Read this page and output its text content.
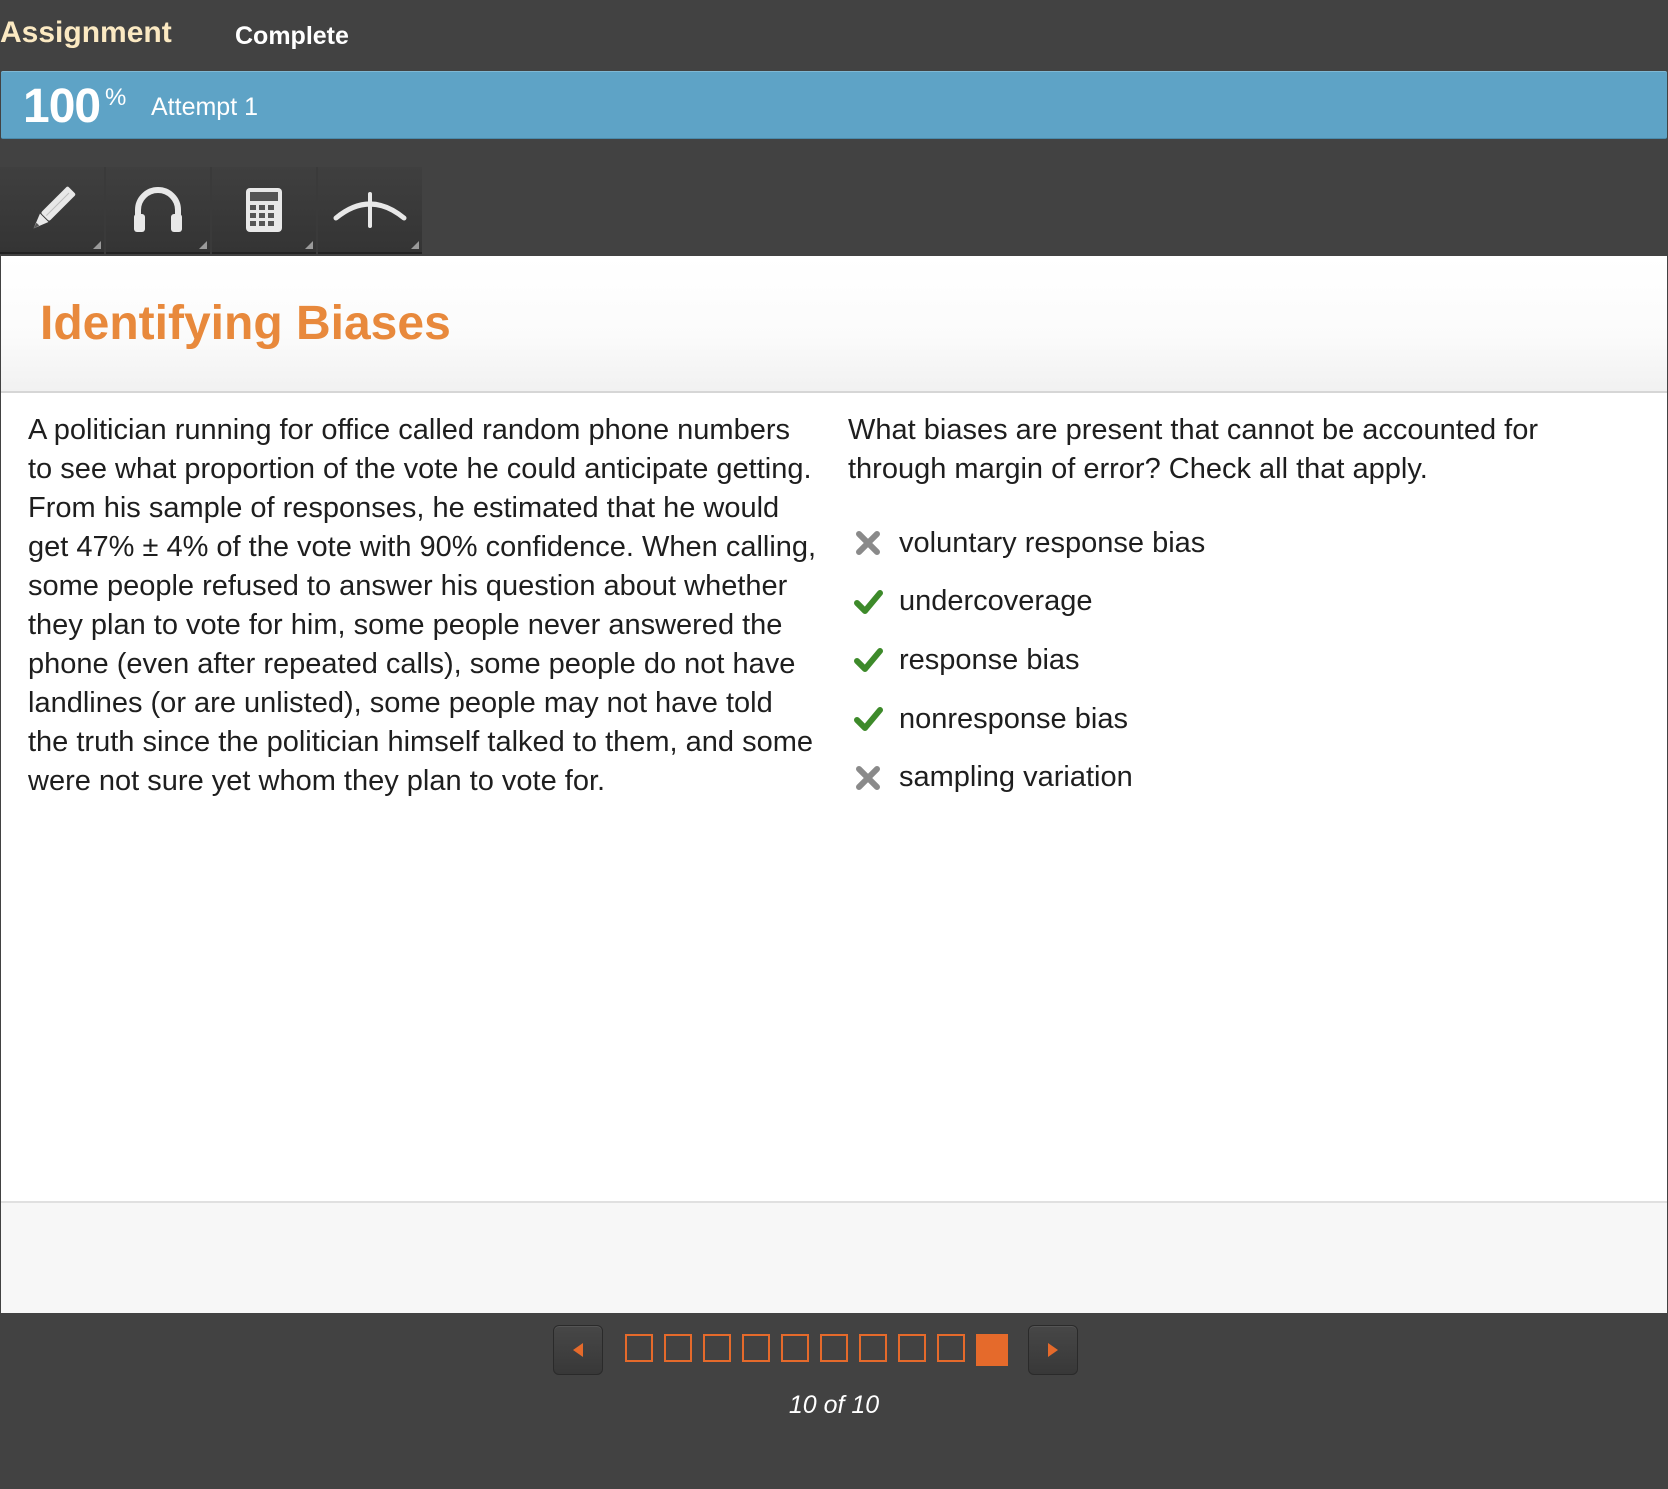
Assignment	Complete
100 % Attempt 1
Identifying Biases
A politician running for office called random phone numbers to see what proportion of the vote he could anticipate getting. From his sample of responses, he estimated that he would get 47% ± 4% of the vote with 90% confidence. When calling, some people refused to answer his question about whether they plan to vote for him, some people never answered the phone (even after repeated calls), some people do not have landlines (or are unlisted), some people may not have told the truth since the politician himself talked to them, and some were not sure yet whom they plan to vote for.
What biases are present that cannot be accounted for through margin of error? Check all that apply.
voluntary response bias
undercoverage
response bias
nonresponse bias
sampling variation
10 of 10
